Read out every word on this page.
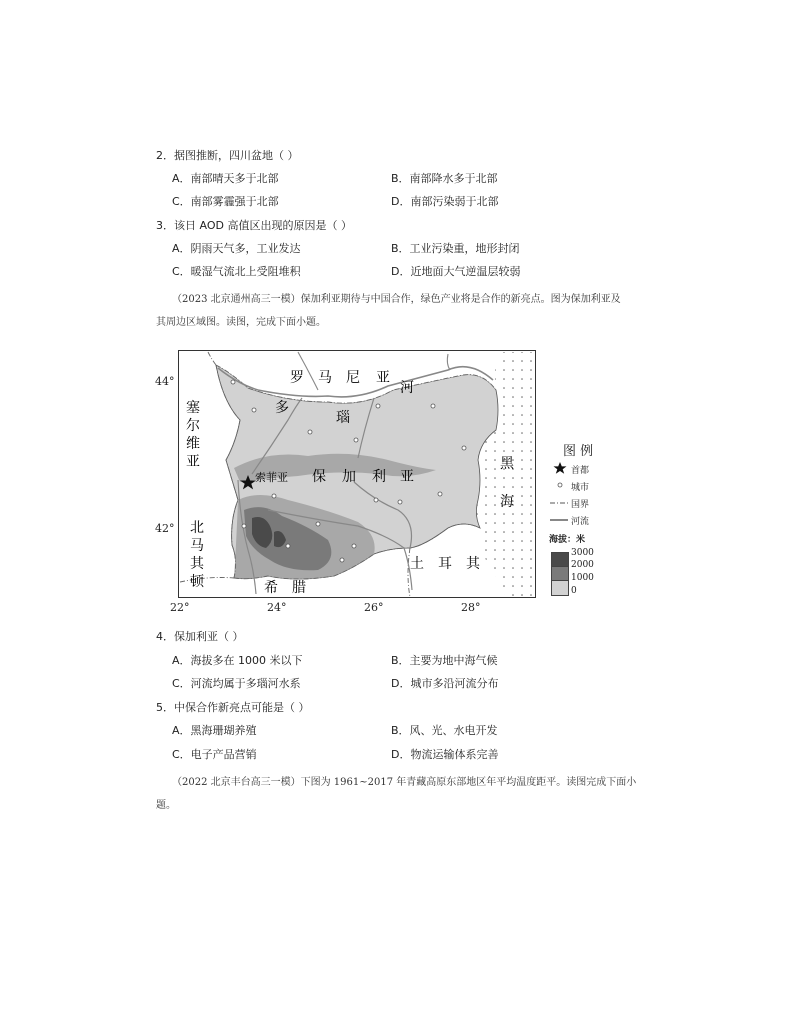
2．据图推断，四川盆地（ ）
A．南部晴天多于北部	B．南部降水多于北部
C．南部雾霾强于北部	D．南部污染弱于北部
3．该日 AOD 高值区出现的原因是（ ）
A．阴雨天气多，工业发达	B．工业污染重，地形封闭
C．暖湿气流北上受阻堆积	D．近地面大气逆温层较弱
（2023 北京通州高三一模）保加利亚期待与中国合作，绿色产业将是合作的新亮点。图为保加利亚及
其周边区域图。读图，完成下面小题。
罗 马 尼 亚
河
多
瑙
塞
尔
维
亚
索菲亚 保 加 利 亚
黑
海
北
马
其
顿	希　腊
土　耳　其
44°
42°
22°	24°	26°	28°
图 例
首都
城市
国界
河流
海拔：米
3000
2000
1000
0
4．保加利亚（ ）
A．海拔多在 1000 米以下	B．主要为地中海气候
C．河流均属于多瑙河水系	D．城市多沿河流分布
5．中保合作新亮点可能是（ ）
A．黑海珊瑚养殖	B．风、光、水电开发
C．电子产品营销	D．物流运输体系完善
（2022 北京丰台高三一模）下图为 1961~2017 年青藏高原东部地区年平均温度距平。读图完成下面小
题。
